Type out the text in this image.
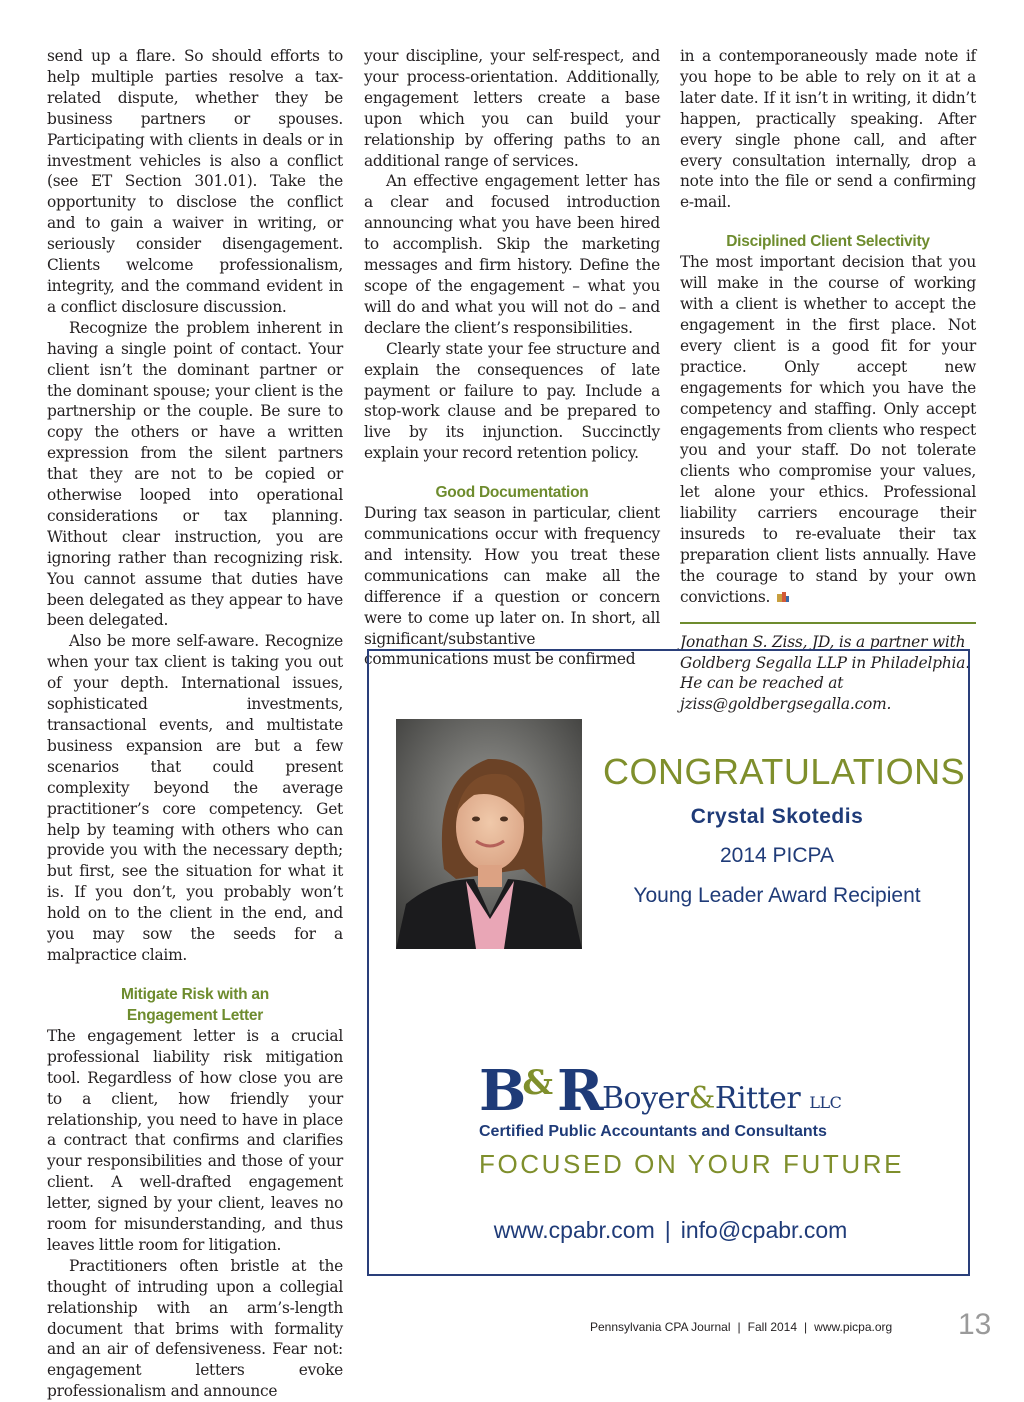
send up a flare. So should efforts to help multiple parties resolve a tax-related dispute, whether they be business partners or spouses. Participating with clients in deals or in investment vehicles is also a conflict (see ET Section 301.01). Take the opportunity to disclose the conflict and to gain a waiver in writing, or seriously consider disengagement. Clients welcome professionalism, integrity, and the command evident in a conflict disclosure discussion.

Recognize the problem inherent in having a single point of contact. Your client isn’t the dominant partner or the dominant spouse; your client is the partnership or the couple. Be sure to copy the others or have a written expression from the silent partners that they are not to be copied or otherwise looped into operational considerations or tax planning. Without clear instruction, you are ignoring rather than recognizing risk. You cannot assume that duties have been delegated as they appear to have been delegated.

Also be more self-aware. Recognize when your tax client is taking you out of your depth. International issues, sophisticated investments, transactional events, and multistate business expansion are but a few scenarios that could present complexity beyond the average practitioner’s core competency. Get help by teaming with others who can provide you with the necessary depth; but first, see the situation for what it is. If you don’t, you probably won’t hold on to the client in the end, and you may sow the seeds for a malpractice claim.

Mitigate Risk with an
Engagement Letter

The engagement letter is a crucial professional liability risk mitigation tool. Regardless of how close you are to a client, how friendly your relationship, you need to have in place a contract that confirms and clarifies your responsibilities and those of your client. A well-drafted engagement letter, signed by your client, leaves no room for misunderstanding, and thus leaves little room for litigation.

Practitioners often bristle at the thought of intruding upon a collegial relationship with an arm’s-length document that brims with formality and an air of defensiveness. Fear not: engagement letters evoke professionalism and announce

your discipline, your self-respect, and your process-orientation. Additionally, engagement letters create a base upon which you can build your relationship by offering paths to an additional range of services.

An effective engagement letter has a clear and focused introduction announcing what you have been hired to accomplish. Skip the marketing messages and firm history. Define the scope of the engagement – what you will do and what you will not do – and declare the client’s responsibilities.

Clearly state your fee structure and explain the consequences of late payment or failure to pay. Include a stop-work clause and be prepared to live by its injunction. Succinctly explain your record retention policy.

Good Documentation

During tax season in particular, client communications occur with frequency and intensity. How you treat these communications can make all the difference if a question or concern were to come up later on. In short, all significant/substantive communications must be confirmed

in a contemporaneously made note if you hope to be able to rely on it at a later date. If it isn’t in writing, it didn’t happen, practically speaking. After every single phone call, and after every consultation internally, drop a note into the file or send a confirming e-mail.

Disciplined Client Selectivity

The most important decision that you will make in the course of working with a client is whether to accept the engagement in the first place. Not every client is a good fit for your practice. Only accept new engagements for which you have the competency and staffing. Only accept engagements from clients who respect you and your staff. Do not tolerate clients who compromise your values, let alone your ethics. Professional liability carriers encourage their insureds to re-evaluate their tax preparation client lists annually. Have the courage to stand by your own convictions.

Jonathan S. Ziss, JD, is a partner with Goldberg Segalla LLP in Philadelphia. He can be reached at jziss@goldbergsegalla.com.

CONGRATULATIONS
Crystal Skotedis
2014 PICPA
Young Leader Award Recipient
B&R Boyer&Ritter LLC
Certified Public Accountants and Consultants
FOCUSED ON YOUR FUTURE
www.cpabr.com | info@cpabr.com
Pennsylvania CPA Journal | Fall 2014 | www.picpa.org 13
